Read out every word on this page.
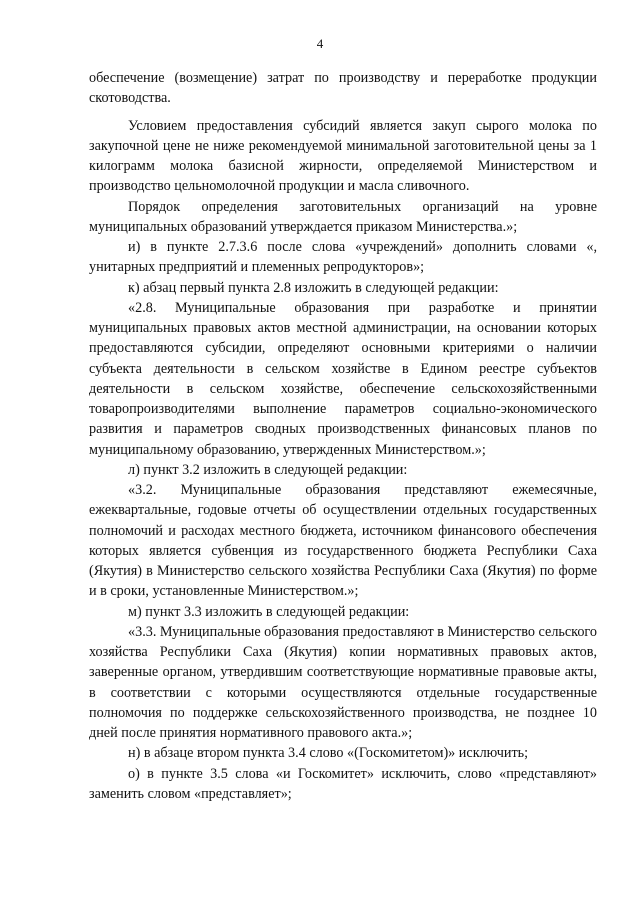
4

обеспечение (возмещение) затрат по производству и переработке продукции скотоводства.

Условием предоставления субсидий является закуп сырого молока по закупочной цене не ниже рекомендуемой минимальной заготовительной цены за 1 килограмм молока базисной жирности, определяемой Министерством и производство цельномолочной продукции и масла сливочного.

Порядок определения заготовительных организаций на уровне муниципальных образований утверждается приказом Министерства.»;

и) в пункте 2.7.3.6 после слова «учреждений» дополнить словами «, унитарных предприятий и племенных репродукторов»;

к) абзац первый пункта 2.8 изложить в следующей редакции:

«2.8. Муниципальные образования при разработке и принятии муниципальных правовых актов местной администрации, на основании которых предоставляются субсидии, определяют основными критериями о наличии субъекта деятельности в сельском хозяйстве в Едином реестре субъектов деятельности в сельском хозяйстве, обеспечение сельскохозяйственными товаропроизводителями выполнение параметров социально-экономического развития и параметров сводных производственных финансовых планов по муниципальному образованию, утвержденных Министерством.»;

л) пункт 3.2 изложить в следующей редакции:

«3.2. Муниципальные образования представляют ежемесячные, ежеквартальные, годовые отчеты об осуществлении отдельных государственных полномочий и расходах местного бюджета, источником финансового обеспечения которых является субвенция из государственного бюджета Республики Саха (Якутия) в Министерство сельского хозяйства Республики Саха (Якутия) по форме и в сроки, установленные Министерством.»;

м) пункт 3.3 изложить в следующей редакции:

«3.3. Муниципальные образования предоставляют в Министерство сельского хозяйства Республики Саха (Якутия) копии нормативных правовых актов, заверенные органом, утвердившим соответствующие нормативные правовые акты, в соответствии с которыми осуществляются отдельные государственные полномочия по поддержке сельскохозяйственного производства, не позднее 10 дней после принятия нормативного правового акта.»;

н) в абзаце втором пункта 3.4 слово «(Госкомитетом)» исключить;

о) в пункте 3.5 слова «и Госкомитет» исключить, слово «представляют» заменить словом «представляет»;
